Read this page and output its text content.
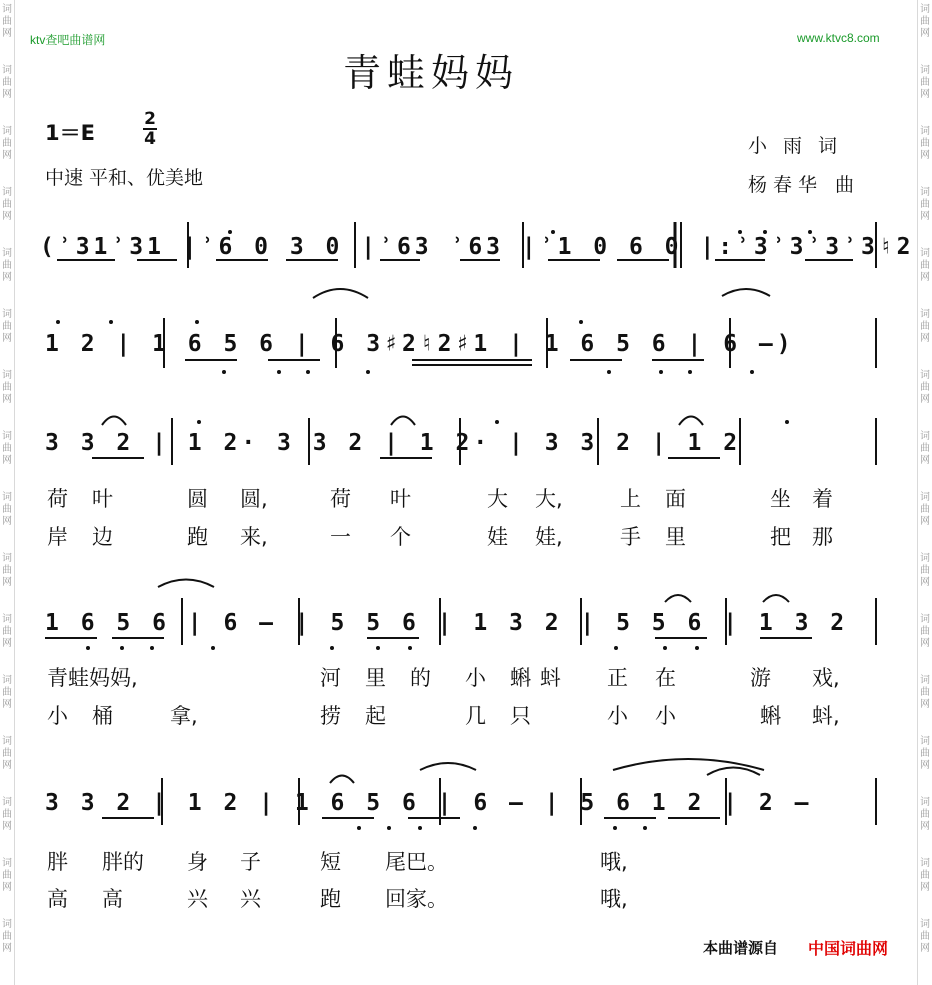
ktv查吧曲谱网	www.ktvc8.com
青蛙妈妈
1＝E	$\frac{2}{4}$
中速 平和、优美地
小雨词
杨春华 曲
(ʾ31ʾ31 |ʾ6 0 3 0 |ʾ63 ʾ63 |ʾ1 0 6 0 |:ʾ3ʾ3ʾ3ʾ3♮2
1 2 | 1 6 5 6 | 6 3♯2♮2♯1 | 1 6 5 6 | 6 –)
3 3 2 | 1 2· 3 3 2 | 1 2· | 3 3 2 | 1 2
1 6 5 6 | 6 – | 5 5 6 | 1 3 2 | 5 5 6 | 1 3 2
3 3 2 | 1 2 | 1 6 5 6 | 6 – | 5 6 1 2 | 2 –
荷 叶	圆 圆,	荷 叶	大 大,	上 面	坐 着
岸 边	跑 来,	一 个	娃 娃,	手 里	把 那
青蛙妈妈,	河 里 的 小 蝌 蚪 正 在	游 戏,
小 桶	拿,	捞 起	几 只	小 小	蝌 蚪,
胖 胖的 身 子	短 尾巴。	哦,
高 高	兴 兴	跑 回家。	哦,
本曲谱源自 中国词曲网
词
曲
网
词
曲
网
词
曲
网
词
曲
网
词
曲
网
词
曲
网
词
曲
网
词
曲
网
词
曲
网
词
曲
网
词
曲
网
词
曲
网
词
曲
网
词
曲
网
词
曲
网
词
曲
网
词
曲
网
词
曲
网
词
曲
网
词
曲
网
词
曲
网
词
曲
网
词
曲
网
词
曲
网
词
曲
网
词
曲
网
词
曲
网
词
曲
网
词
曲
网
词
曲
网
词
曲
网
词
曲
网
